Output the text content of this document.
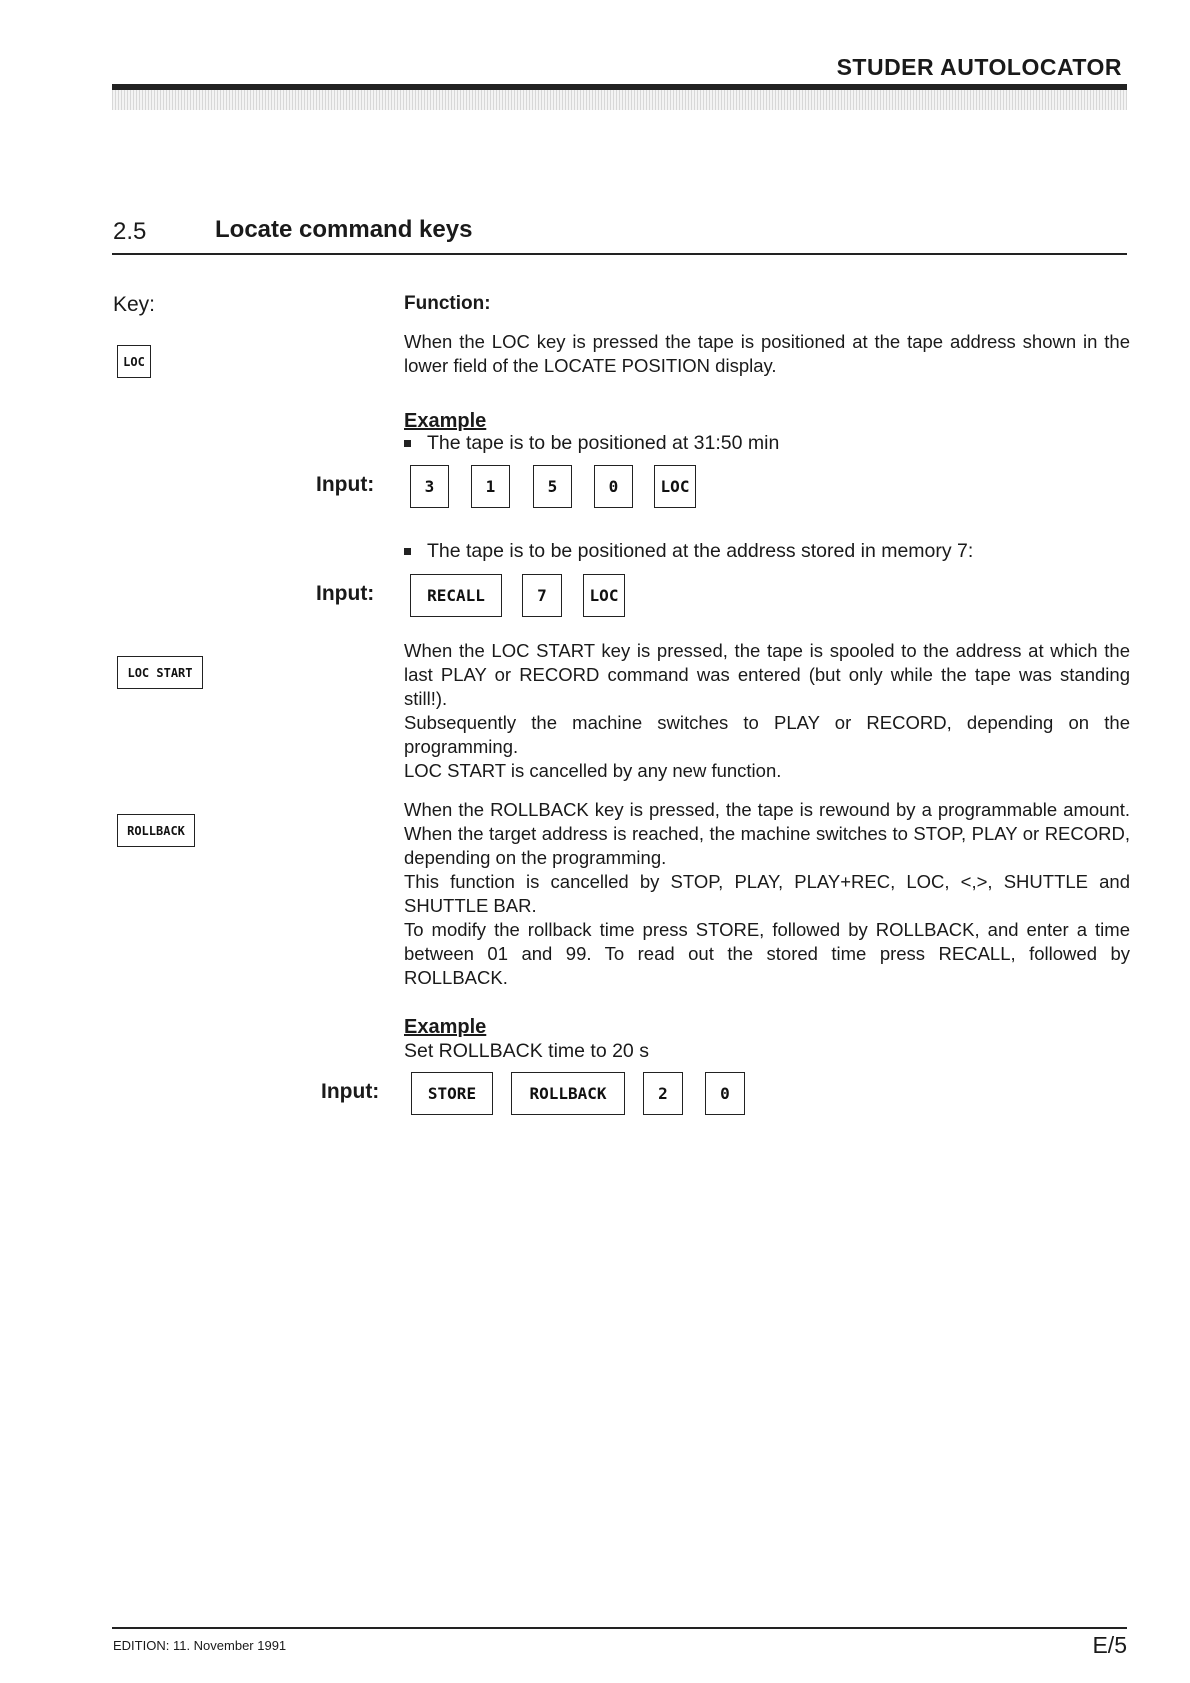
STUDER AUTOLOCATOR
2.5	Locate command keys
Key:	Function:
LOC
When the LOC key is pressed the tape is positioned at the tape address shown in the lower field of the LOCATE POSITION display.
Example
The tape is to be positioned at 31:50 min
Input:	3	1	5	0	LOC
The tape is to be positioned at the address stored in memory 7:
Input:	RECALL	7	LOC
LOC START
When the LOC START key is pressed, the tape is spooled to the address at which the last PLAY or RECORD command was entered (but only while the tape was standing still!).
Subsequently the machine switches to PLAY or RECORD, depending on the programming.
LOC START is cancelled by any new function.
ROLLBACK
When the ROLLBACK key is pressed, the tape is rewound by a programmable amount. When the target address is reached, the machine switches to STOP, PLAY or RECORD, depending on the programming.
This function is cancelled by STOP, PLAY, PLAY+REC, LOC, <,>, SHUTTLE and SHUTTLE BAR.
To modify the rollback time press STORE, followed by ROLLBACK, and enter a time between 01 and 99. To read out the stored time press RECALL, followed by ROLLBACK.
Example
Set ROLLBACK time to 20 s
Input:	STORE	ROLLBACK	2	0
EDITION: 11. November 1991	E/5
